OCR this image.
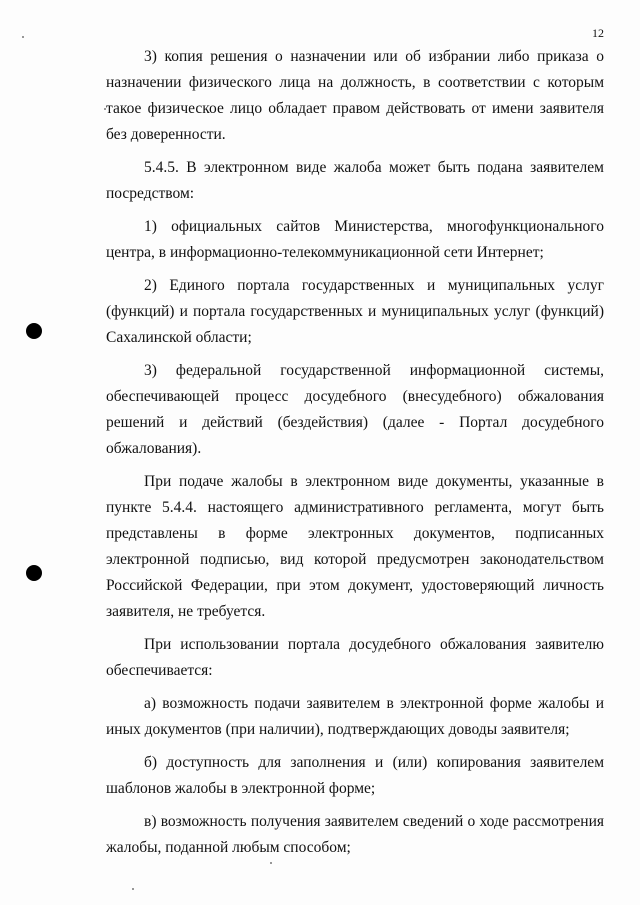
12

3) копия решения о назначении или об избрании либо приказа о назначении физического лица на должность, в соответствии с которым такое физическое лицо обладает правом действовать от имени заявителя без доверенности.

5.4.5. В электронном виде жалоба может быть подана заявителем посредством:

1) официальных сайтов Министерства, многофункционального центра, в информационно-телекоммуникационной сети Интернет;

2) Единого портала государственных и муниципальных услуг (функций) и портала государственных и муниципальных услуг (функций) Сахалинской области;

3) федеральной государственной информационной системы, обеспечивающей процесс досудебного (внесудебного) обжалования решений и действий (бездействия) (далее - Портал досудебного обжалования).

При подаче жалобы в электронном виде документы, указанные в пункте 5.4.4. настоящего административного регламента, могут быть представлены в форме электронных документов, подписанных электронной подписью, вид которой предусмотрен законодательством Российской Федерации, при этом документ, удостоверяющий личность заявителя, не требуется.

При использовании портала досудебного обжалования заявителю обеспечивается:

а) возможность подачи заявителем в электронной форме жалобы и иных документов (при наличии), подтверждающих доводы заявителя;

б) доступность для заполнения и (или) копирования заявителем шаблонов жалобы в электронной форме;

в) возможность получения заявителем сведений о ходе рассмотрения жалобы, поданной любым способом;
